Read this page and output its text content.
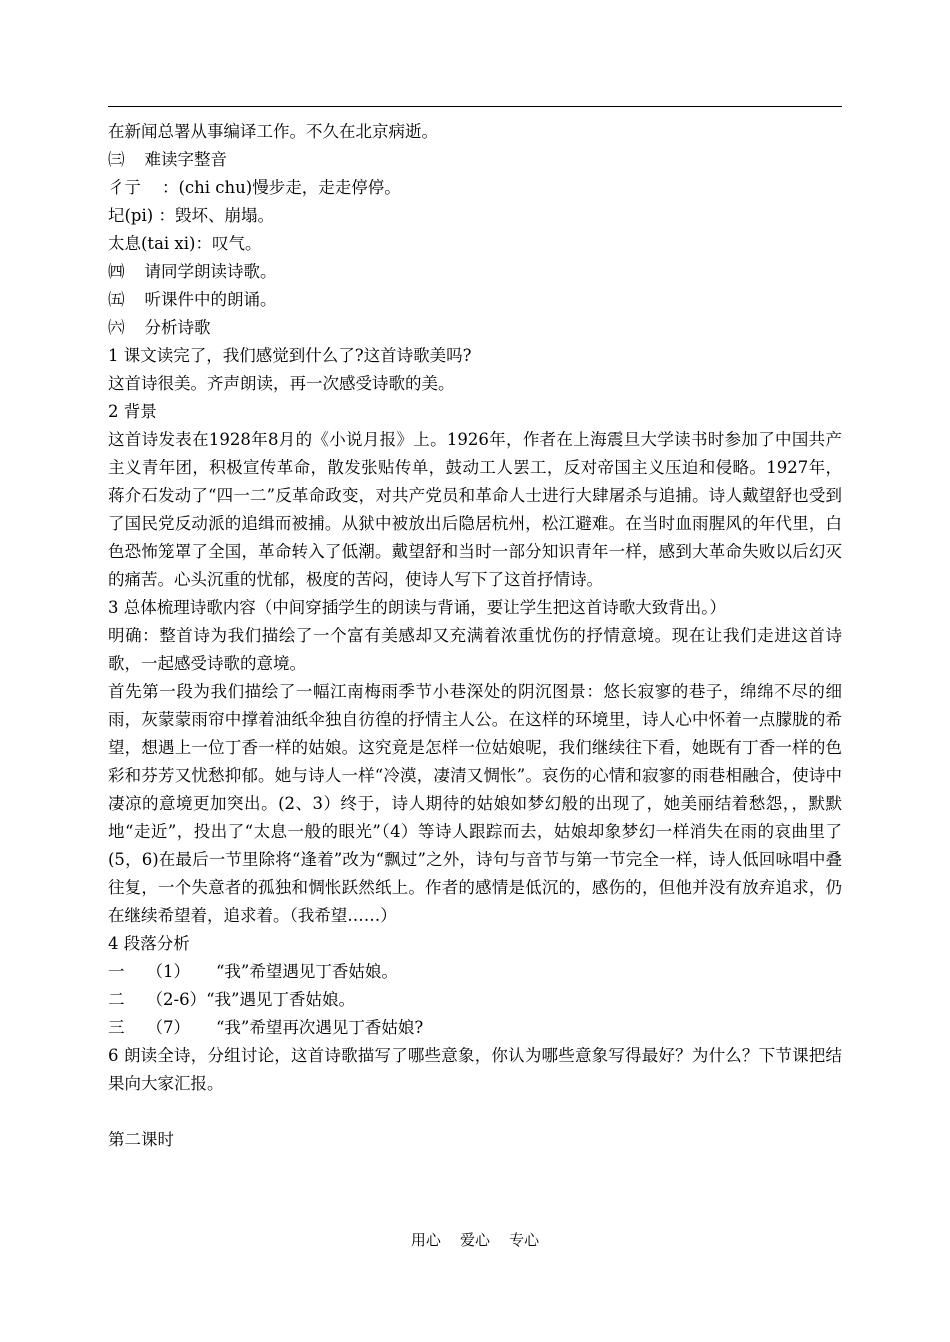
在新闻总署从事编译工作。不久在北京病逝。
㈢ 难读字整音
彳亍    ：(chi chu)慢步走，走走停停。
圮(pi) ：毁坏、崩塌。
太息(tai xi)：叹气。
㈣ 请同学朗读诗歌。
㈤ 听课件中的朗诵。
㈥ 分析诗歌
1 课文读完了，我们感觉到什么了?这首诗歌美吗?
这首诗很美。齐声朗读，再一次感受诗歌的美。
2 背景
这首诗发表在1928年8月的《小说月报》上。1926年，作者在上海震旦大学读书时参加了中国共产主义青年团，积极宣传革命，散发张贴传单，鼓动工人罢工，反对帝国主义压迫和侵略。1927年，蒋介石发动了“四一二”反革命政变，对共产党员和革命人士进行大肆屠杀与追捕。诗人戴望舒也受到了国民党反动派的追缉而被捕。从狱中被放出后隐居杭州，松江避难。在当时血雨腥风的年代里，白色恐怖笼罩了全国，革命转入了低潮。戴望舒和当时一部分知识青年一样，感到大革命失败以后幻灭的痛苦。心头沉重的忧郁，极度的苦闷，使诗人写下了这首抒情诗。
3 总体梳理诗歌内容（中间穿插学生的朗读与背诵，要让学生把这首诗歌大致背出。）
明确：整首诗为我们描绘了一个富有美感却又充满着浓重忧伤的抒情意境。现在让我们走进这首诗歌，一起感受诗歌的意境。
首先第一段为我们描绘了一幅江南梅雨季节小巷深处的阴沉图景：悠长寂寥的巷子，绵绵不尽的细雨，灰蒙蒙雨帘中撑着油纸伞独自彷徨的抒情主人公。在这样的环境里，诗人心中怀着一点朦胧的希望，想遇上一位丁香一样的姑娘。这究竟是怎样一位姑娘呢，我们继续往下看，她既有丁香一样的色彩和芬芳又忧愁抑郁。她与诗人一样“冷漠，凄清又惆怅”。哀伤的心情和寂寥的雨巷相融合，使诗中凄凉的意境更加突出。(2、3）终于，诗人期待的姑娘如梦幻般的出现了，她美丽结着愁怨，，默默地“走近”，投出了“太息一般的眼光”（4）等诗人跟踪而去，姑娘却象梦幻一样消失在雨的哀曲里了(5，6)在最后一节里除将“逢着”改为“飘过”之外，诗句与音节与第一节完全一样，诗人低回咏唱中叠往复，一个失意者的孤独和惆怅跃然纸上。作者的感情是低沉的，感伤的，但他并没有放弃追求，仍在继续希望着，追求着。（我希望……）
4 段落分析
一 （1） “我”希望遇见丁香姑娘。
二 （2-6）“我”遇见丁香姑娘。
三 （7） “我”希望再次遇见丁香姑娘?
6 朗读全诗，分组讨论，这首诗歌描写了哪些意象，你认为哪些意象写得最好？为什么？下节课把结果向大家汇报。
第二课时
用心    爱心    专心
